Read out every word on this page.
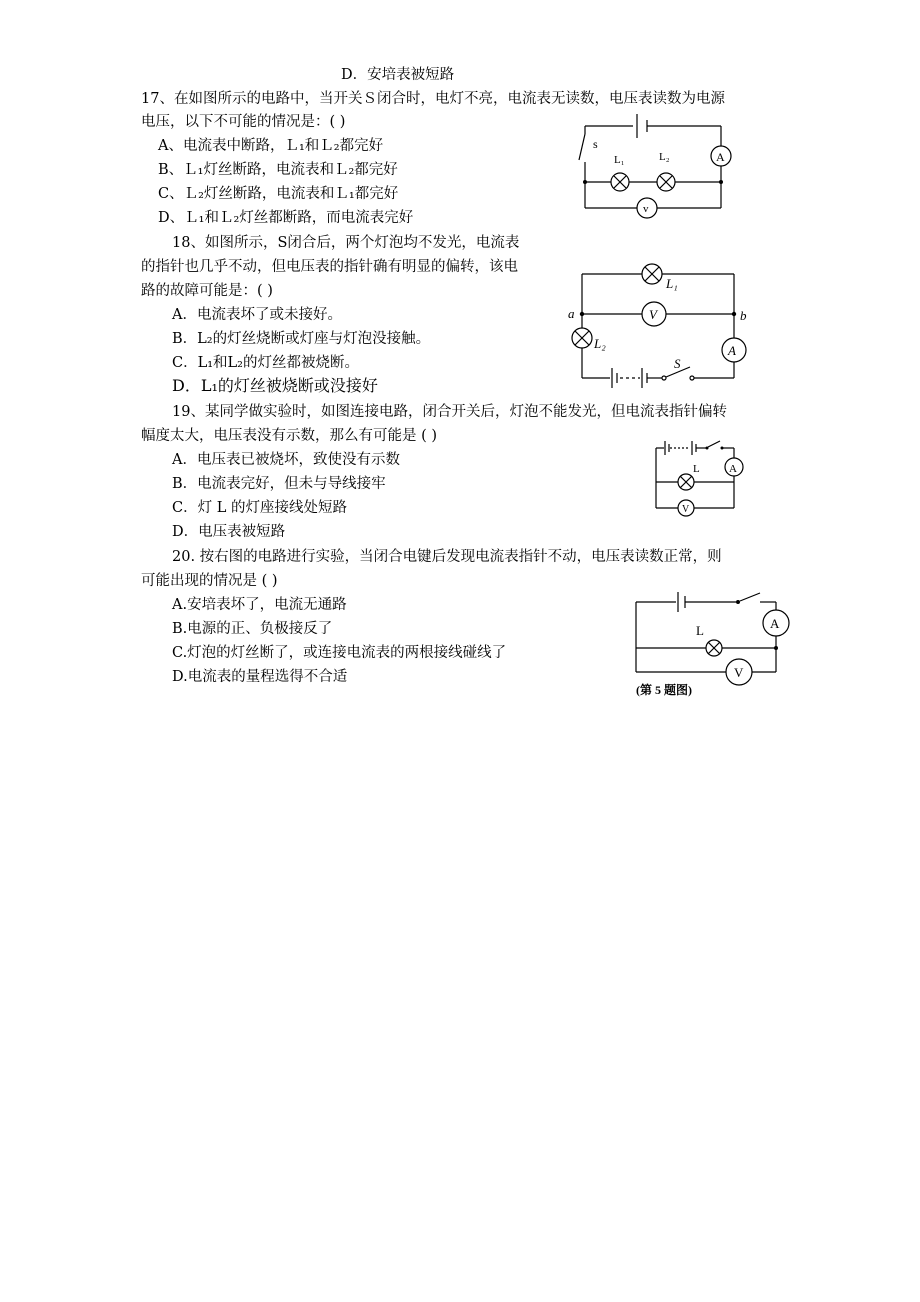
D．安培表被短路
17、在如图所示的电路中，当开关Ｓ闭合时，电灯不亮，电流表无读数，电压表读数为电源
电压，以下不可能的情况是：( )
A、电流表中断路，Ｌ₁和Ｌ₂都完好
B、Ｌ₁灯丝断路，电流表和Ｌ₂都完好
C、Ｌ₂灯丝断路，电流表和Ｌ₁都完好
D、Ｌ₁和Ｌ₂灯丝都断路，而电流表完好
A
s
L₁	L₂
v
18、如图所示，S闭合后，两个灯泡均不发光，电流表
的指针也几乎不动，但电压表的指针确有明显的偏转，该电
路的故障可能是：( )
A．电流表坏了或未接好。
B．L₂的灯丝烧断或灯座与灯泡没接触。
C．L₁和L₂的灯丝都被烧断。
D．L₁的灯丝被烧断或没接好
L₁
V
a	b
L₂	A
S
19、某同学做实验时，如图连接电路，闭合开关后，灯泡不能发光，但电流表指针偏转
幅度太大，电压表没有示数，那么有可能是 ( )
A．电压表已被烧坏，致使没有示数
B．电流表完好，但未与导线接牢
C．灯 L 的灯座接线处短路
D．电压表被短路
A
L
V
20. 按右图的电路进行实验，当闭合电键后发现电流表指针不动，电压表读数正常，则
可能出现的情况是 ( )
A.安培表坏了，电流无通路
B.电源的正、负极接反了
C.灯泡的灯丝断了，或连接电流表的两根接线碰线了
D.电流表的量程选得不合适
A
L
V
(第 5 题图)
